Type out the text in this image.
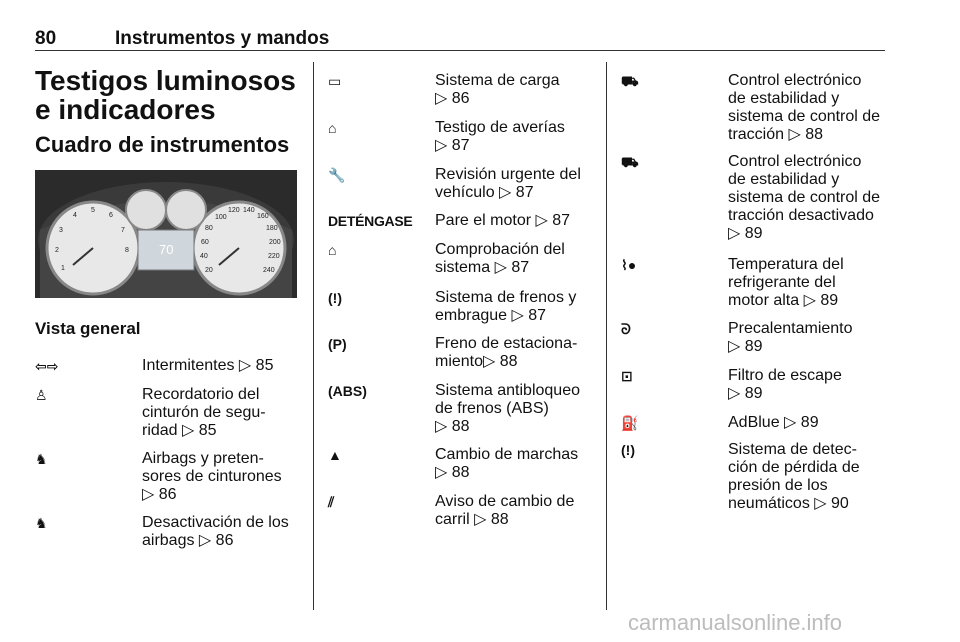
80	Instrumentos y mandos
Testigos luminosos e indicadores
Cuadro de instrumentos
1
2
3
4
5
6
7
8
20
40
60
80
100
120 140
160
180
200
220
240
70
Vista general
⇦⇨	Intermitentes ▷ 85
♙	Recordatorio del
cinturón de segu-
ridad ▷ 85
♞	Airbags y preten-
sores de cinturones
▷ 86
♞	Desactivación de los
airbags ▷ 86
▭	Sistema de carga
▷ 86
⌂	Testigo de averías
▷ 87
🔧	Revisión urgente del
vehículo ▷ 87
DETÉNGASE Pare el motor ▷ 87
⌂	Comprobación del
sistema ▷ 87
(!)	Sistema de frenos y
embrague ▷ 87
(P)	Freno de estaciona-
miento▷ 88
(ABS)	Sistema antibloqueo
de frenos (ABS)
▷ 88
▲	Cambio de marchas
▷ 88
⫽	Aviso de cambio de
carril ▷ 88
⛟	Control electrónico
de estabilidad y
sistema de control de
tracción ▷ 88
⛟	Control electrónico
de estabilidad y
sistema de control de
tracción desactivado
▷ 89
⌇●	Temperatura del
refrigerante del
motor alta ▷ 89
ᘐ	Precalentamiento
▷ 89
⊡	Filtro de escape
▷ 89
⛽	AdBlue ▷ 89
(!)	Sistema de detec-
ción de pérdida de
presión de los
neumáticos ▷ 90
carmanualsonline.info
